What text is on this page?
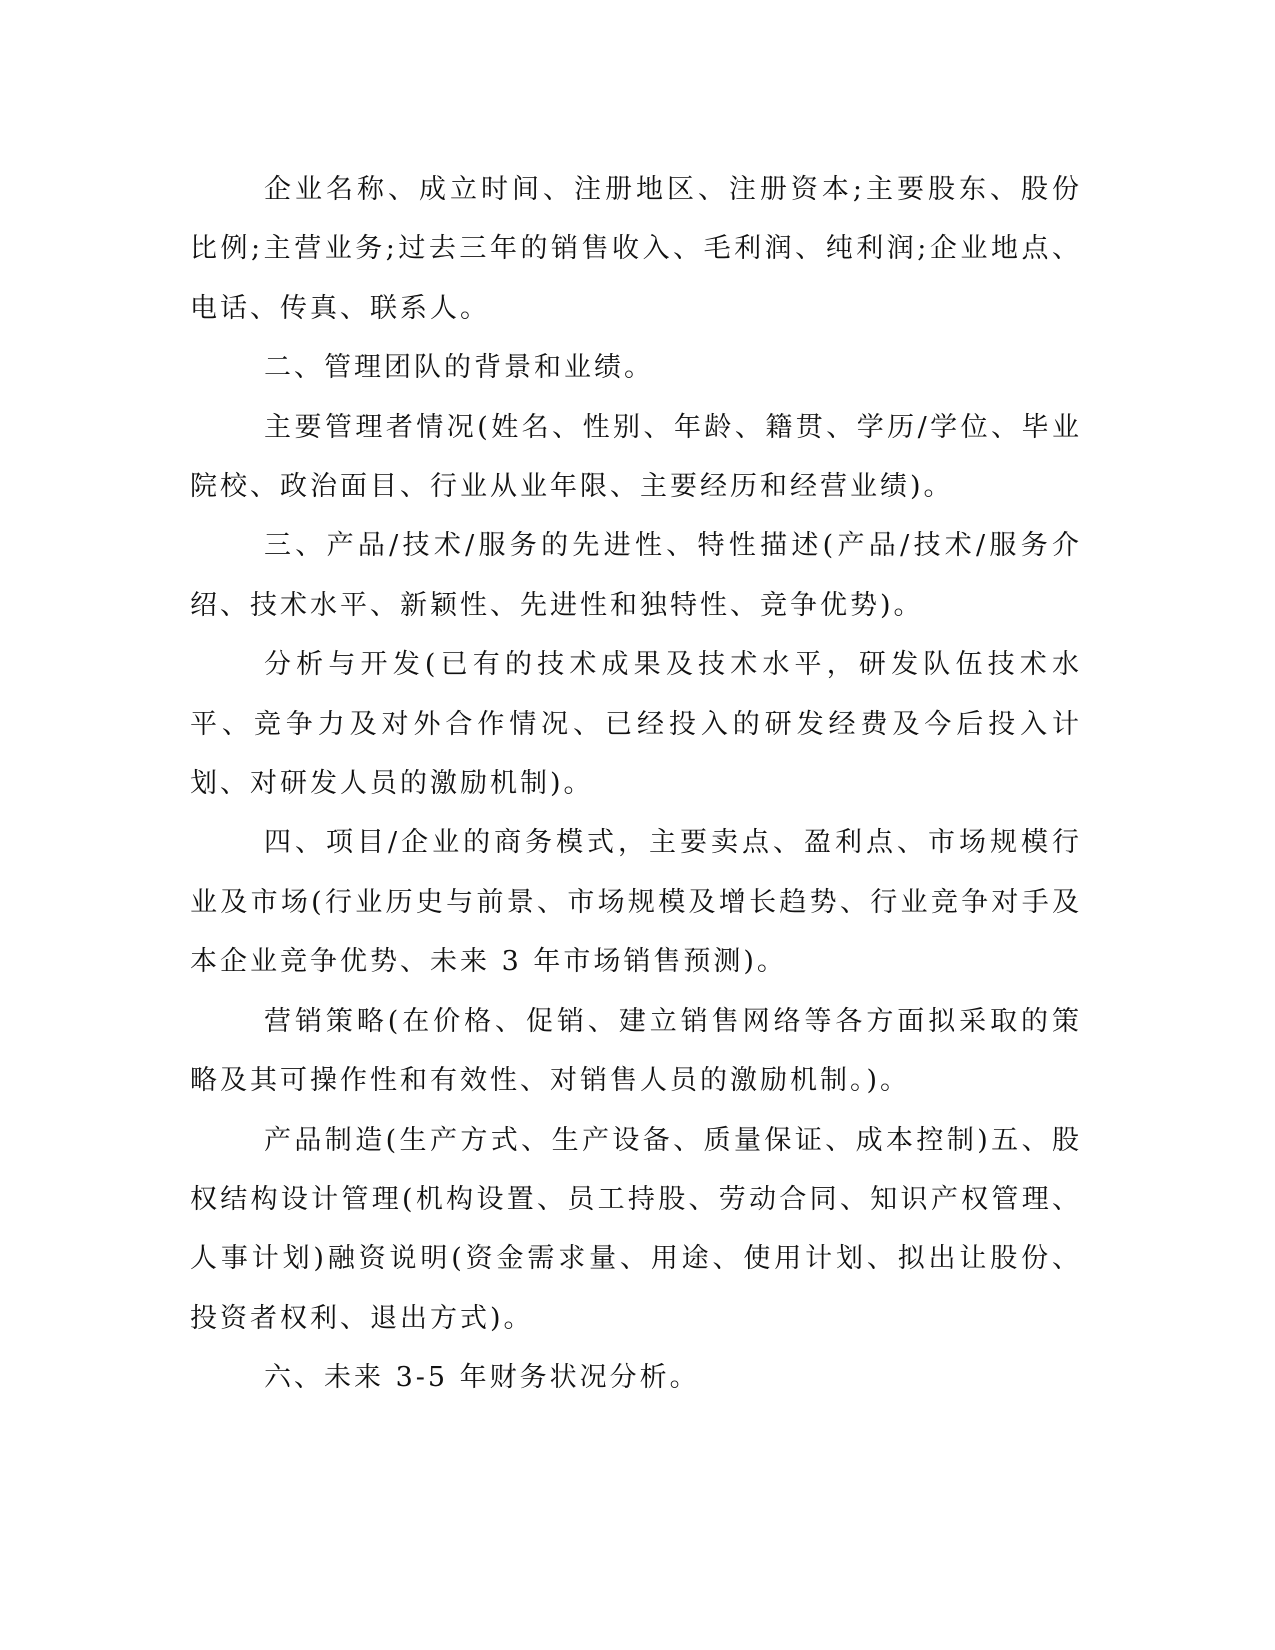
企业名称、成立时间、注册地区、注册资本;主要股东、股份比例;主营业务;过去三年的销售收入、毛利润、纯利润;企业地点、电话、传真、联系人。

二、管理团队的背景和业绩。

主要管理者情况(姓名、性别、年龄、籍贯、学历/学位、毕业院校、政治面目、行业从业年限、主要经历和经营业绩)。

三、产品/技术/服务的先进性、特性描述(产品/技术/服务介绍、技术水平、新颖性、先进性和独特性、竞争优势)。

分析与开发(已有的技术成果及技术水平，研发队伍技术水平、竞争力及对外合作情况、已经投入的研发经费及今后投入计划、对研发人员的激励机制)。

四、项目/企业的商务模式，主要卖点、盈利点、市场规模行业及市场(行业历史与前景、市场规模及增长趋势、行业竞争对手及本企业竞争优势、未来 3 年市场销售预测)。

营销策略(在价格、促销、建立销售网络等各方面拟采取的策略及其可操作性和有效性、对销售人员的激励机制。)。

产品制造(生产方式、生产设备、质量保证、成本控制)五、股权结构设计管理(机构设置、员工持股、劳动合同、知识产权管理、人事计划)融资说明(资金需求量、用途、使用计划、拟出让股份、投资者权利、退出方式)。

六、未来 3-5 年财务状况分析。
